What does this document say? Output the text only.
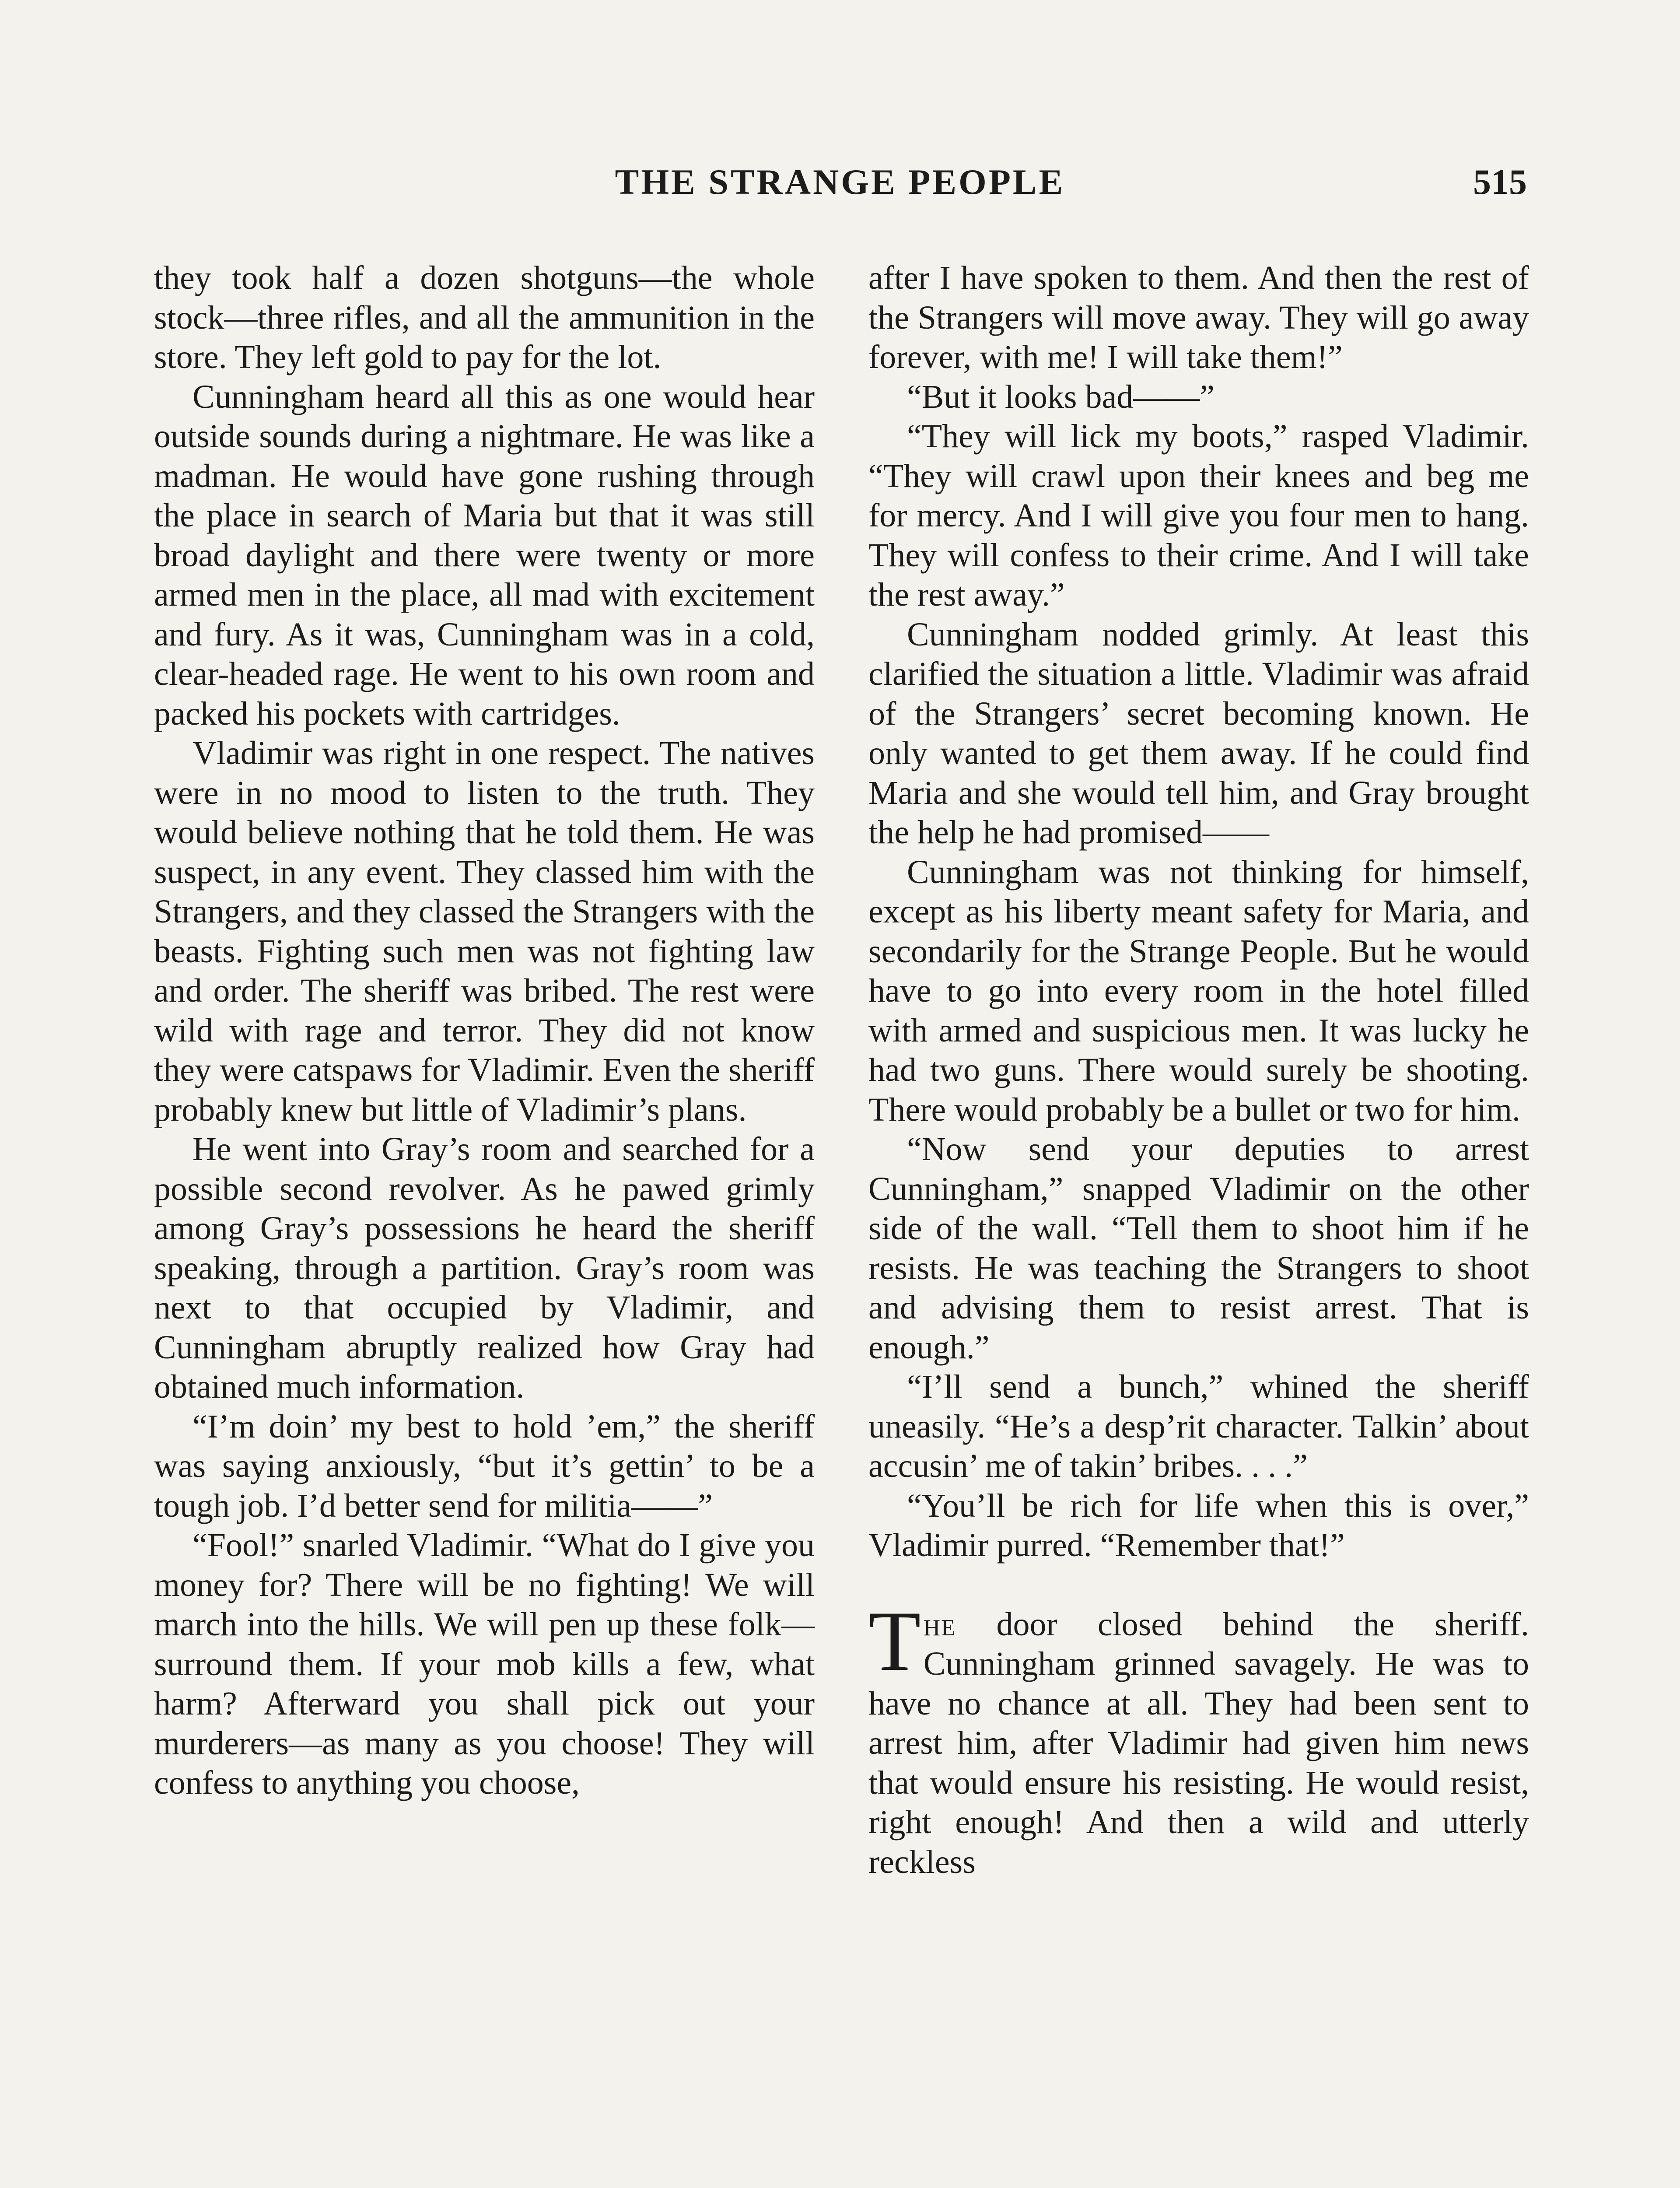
THE STRANGE PEOPLE	515

they took half a dozen shotguns—the whole stock—three rifles, and all the ammunition in the store. They left gold to pay for the lot.

Cunningham heard all this as one would hear outside sounds during a nightmare. He was like a madman. He would have gone rushing through the place in search of Maria but that it was still broad daylight and there were twenty or more armed men in the place, all mad with excitement and fury. As it was, Cunningham was in a cold, clear-headed rage. He went to his own room and packed his pockets with cartridges.

Vladimir was right in one respect. The natives were in no mood to listen to the truth. They would believe nothing that he told them. He was suspect, in any event. They classed him with the Strangers, and they classed the Strangers with the beasts. Fighting such men was not fighting law and order. The sheriff was bribed. The rest were wild with rage and terror. They did not know they were catspaws for Vladimir. Even the sheriff probably knew but little of Vladimir’s plans.

He went into Gray’s room and searched for a possible second revolver. As he pawed grimly among Gray’s possessions he heard the sheriff speaking, through a partition. Gray’s room was next to that occupied by Vladimir, and Cunningham abruptly realized how Gray had obtained much information.

“I’m doin’ my best to hold ’em,” the sheriff was saying anxiously, “but it’s gettin’ to be a tough job. I’d better send for militia——”

“Fool!” snarled Vladimir. “What do I give you money for? There will be no fighting! We will march into the hills. We will pen up these folk—surround them. If your mob kills a few, what harm? Afterward you shall pick out your murderers—as many as you choose! They will confess to anything you choose,

after I have spoken to them. And then the rest of the Strangers will move away. They will go away forever, with me! I will take them!”

“But it looks bad——”

“They will lick my boots,” rasped Vladimir. “They will crawl upon their knees and beg me for mercy. And I will give you four men to hang. They will confess to their crime. And I will take the rest away.”

Cunningham nodded grimly. At least this clarified the situation a little. Vladimir was afraid of the Strangers’ secret becoming known. He only wanted to get them away. If he could find Maria and she would tell him, and Gray brought the help he had promised——

Cunningham was not thinking for himself, except as his liberty meant safety for Maria, and secondarily for the Strange People. But he would have to go into every room in the hotel filled with armed and suspicious men. It was lucky he had two guns. There would surely be shooting. There would probably be a bullet or two for him.

“Now send your deputies to arrest Cunningham,” snapped Vladimir on the other side of the wall. “Tell them to shoot him if he resists. He was teaching the Strangers to shoot and advising them to resist arrest. That is enough.”

“I’ll send a bunch,” whined the sheriff uneasily. “He’s a desp’rit character. Talkin’ about accusin’ me of takin’ bribes. . . .”

“You’ll be rich for life when this is over,” Vladimir purred. “Remember that!”

The door closed behind the sheriff. Cunningham grinned savagely. He was to have no chance at all. They had been sent to arrest him, after Vladimir had given him news that would ensure his resisting. He would resist, right enough! And then a wild and utterly reckless
